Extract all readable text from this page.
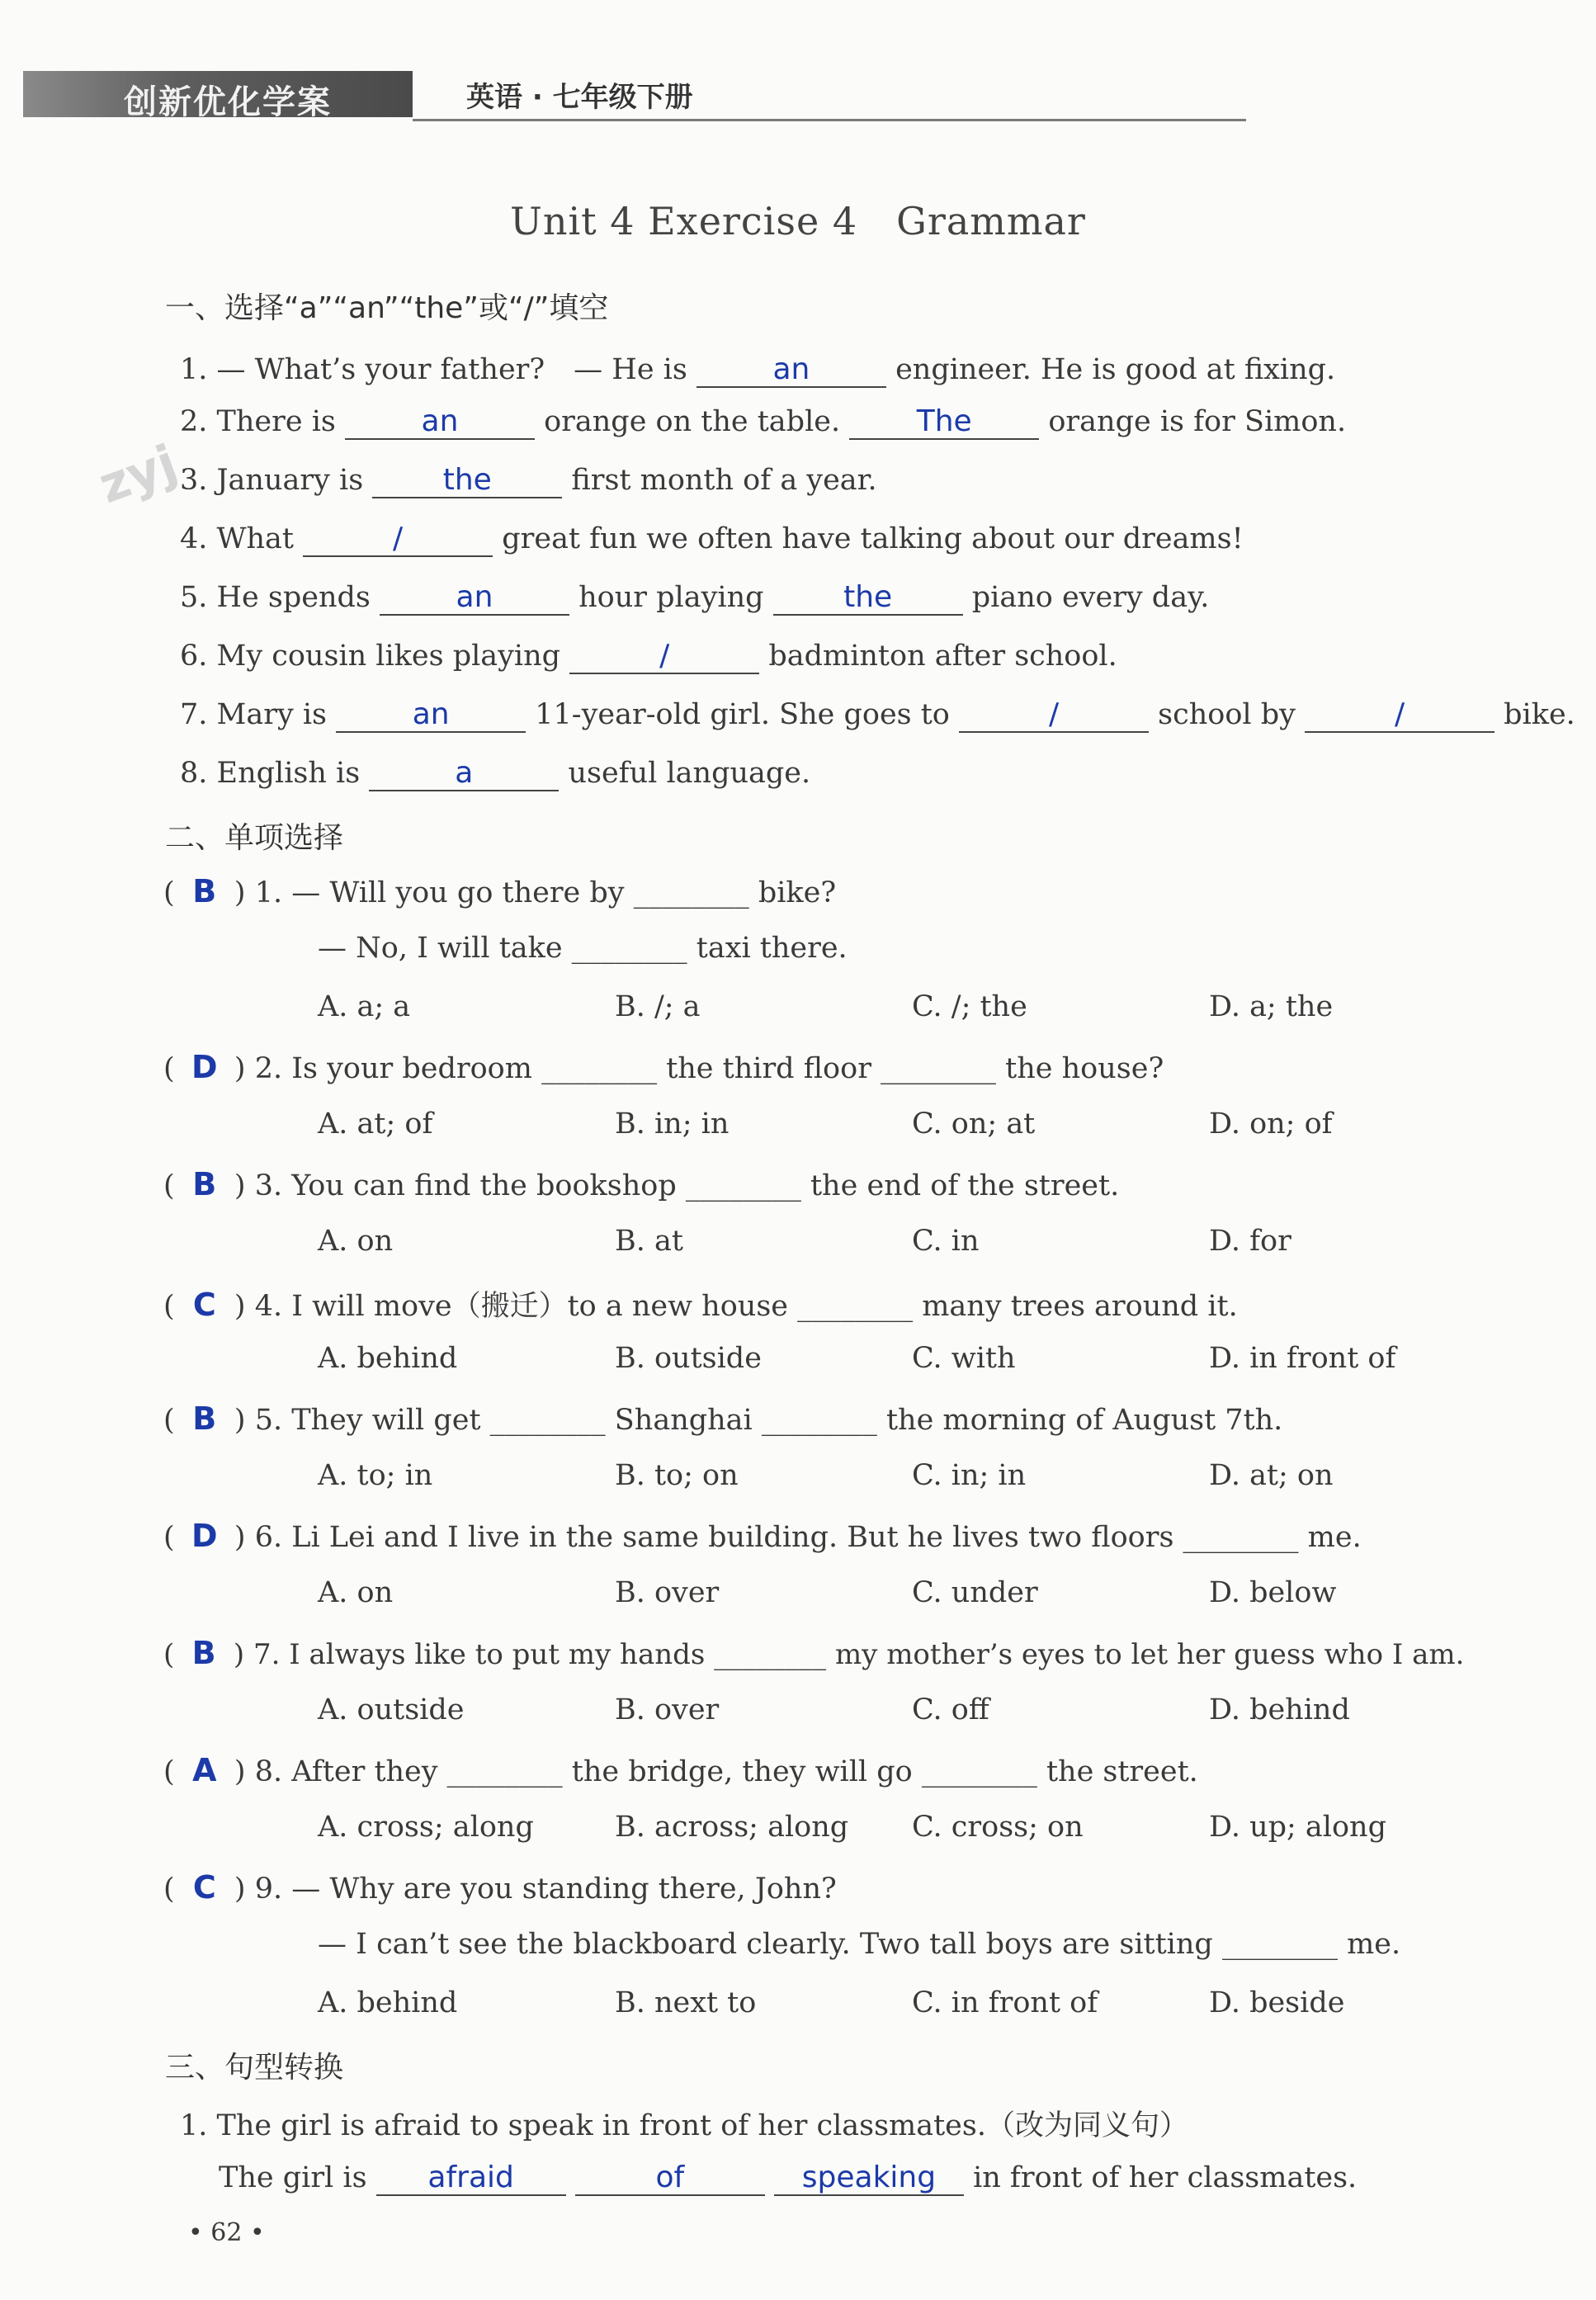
创新优化学案	英语 · 七年级下册
zyj
Unit 4 Exercise 4　Grammar
一、选择“a”“an”“the”或“/”填空
1. — What’s your father?　— He is	an	engineer. He is good at fixing.
2. There is	an	orange on the table. The orange is for Simon.
3. January is the first month of a year.
4. What	/	great fun we often have talking about our dreams!
5. He spends	an	hour playing the piano every day.
6. My cousin likes playing	/	badminton after school.
7. Mary is	an	11-year-old girl. She goes to	/	school by	/	bike.
8. English is	a	useful language.
二、单项选择
( B ) 1. — Will you go there by ________ bike?
— No, I will take ________ taxi there.
A. a; a	B. /; a	C. /; the	D. a; the
( D ) 2. Is your bedroom ________ the third floor ________ the house?
A. at; of	B. in; in	C. on; at	D. on; of
( B ) 3. You can find the bookshop ________ the end of the street.
A. on	B. at	C. in	D. for
( C ) 4. I will move（搬迁）to a new house ________ many trees around it.
A. behind	B. outside	C. with	D. in front of
( B ) 5. They will get ________ Shanghai ________ the morning of August 7th.
A. to; in	B. to; on	C. in; in	D. at; on
( D ) 6. Li Lei and I live in the same building. But he lives two floors ________ me.
A. on	B. over	C. under	D. below
( B ) 7. I always like to put my hands ________ my mother’s eyes to let her guess who I am.
A. outside	B. over	C. off	D. behind
( A ) 8. After they ________ the bridge, they will go ________ the street.
A. cross; along	B. across; along C. cross; on	D. up; along
( C ) 9. — Why are you standing there, John?
— I can’t see the blackboard clearly. Two tall boys are sitting ________ me.
A. behind	B. next to	C. in front of	D. beside
三、句型转换
1. The girl is afraid to speak in front of her classmates.（改为同义句）
The girl is afraid	of	speaking in front of her classmates.
• 62 •
